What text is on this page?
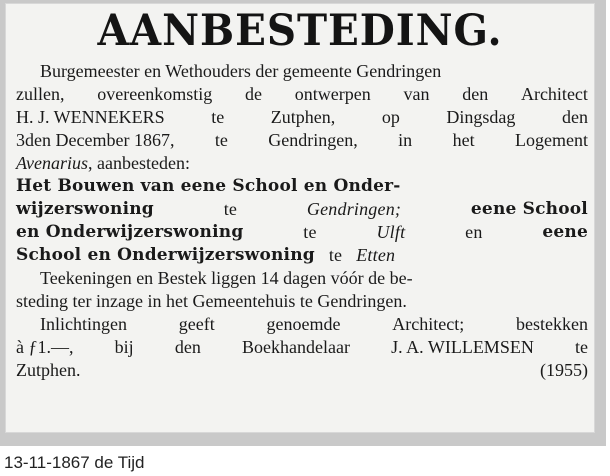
AANBESTEDING.
Burgemeester en Wethouders der gemeente Gendringen
zullen, overeenkomstig de ontwerpen van den Architect
H. J. WENNEKERS	te	Zutphen,	op	Dingsdag	den
3den December 1867, te Gendringen, in het Logement
Avenarius , aanbesteden:
Het Bouwen van eene School en Onder-
wijzerswoning	te	Gendringen;	eene School
en Onderwijzerswoning	te	Ulft	en	eene
School en Onderwijzerswoning te Etten
Teekeningen en Bestek liggen 14 dagen vóór de be-
steding ter inzage in het Gemeentehuis te Gendringen.
Inlichtingen	geeft	genoemde	Architect;	bestekken
à ƒ1.—, bij den Boekhandelaar J. A. WILLEMSEN te
Zutphen.	(1955)
13-11-1867 de Tijd
